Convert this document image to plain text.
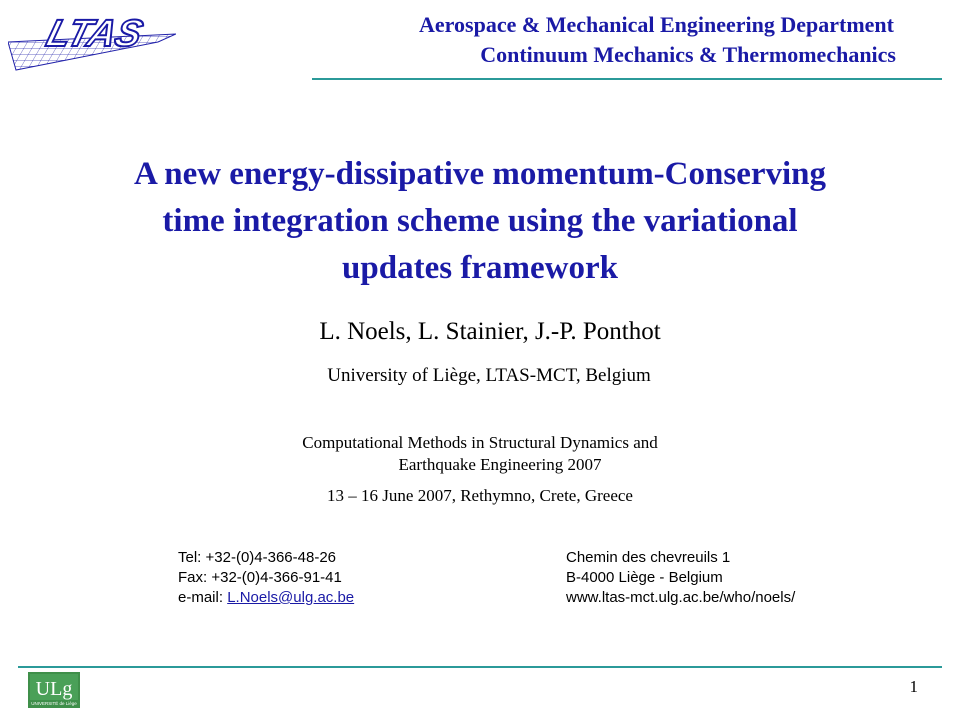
LTAS	Aerospace & Mechanical Engineering Department
Continuum Mechanics & Thermomechanics
A new energy-dissipative momentum-Conserving
time integration scheme using the variational
updates framework
L. Noels, L. Stainier, J.-P. Ponthot
University of Liège, LTAS-MCT, Belgium
Computational Methods in Structural Dynamics and
Earthquake Engineering 2007
13 – 16 June 2007, Rethymno, Crete, Greece
Tel: +32-(0)4-366-48-26
Fax: +32-(0)4-366-91-41
e-mail: L.Noels@ulg.ac.be
Chemin des chevreuils 1
B-4000 Liège - Belgium
www.ltas-mct.ulg.ac.be/who/noels/
ULg
UNIVERSITÉ de Liège
1
